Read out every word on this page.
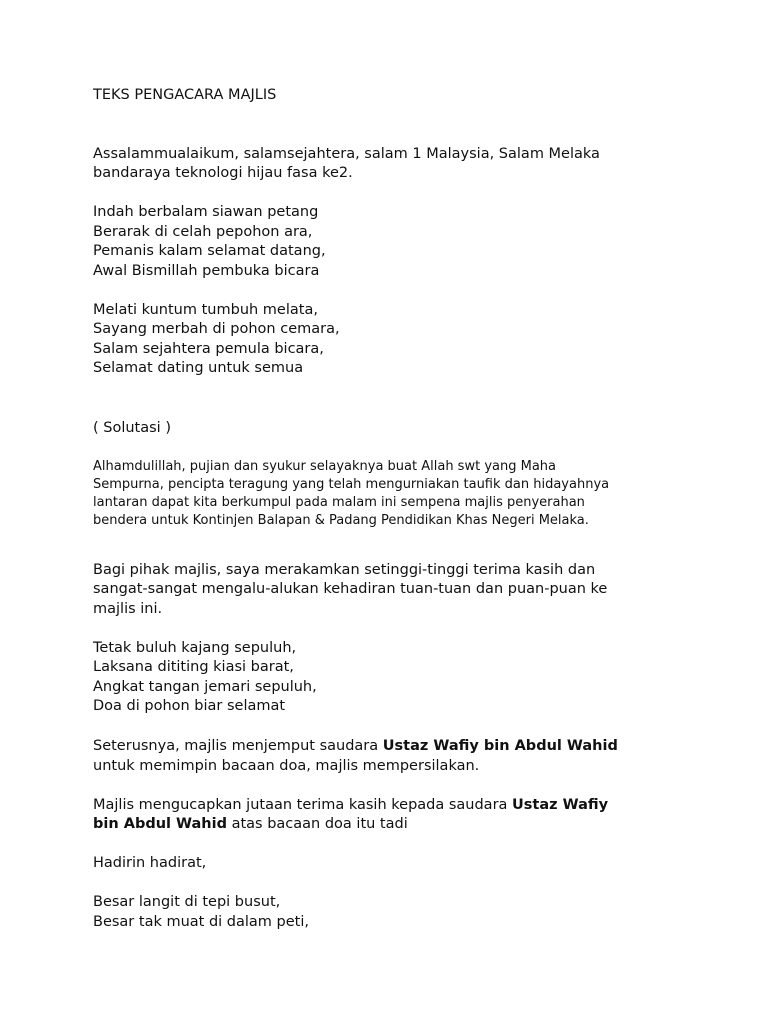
TEKS PENGACARA MAJLIS
Assalammualaikum, salamsejahtera, salam 1 Malaysia, Salam Melaka
bandaraya teknologi hijau fasa ke2.
Indah berbalam siawan petang
Berarak di celah pepohon ara,
Pemanis kalam selamat datang,
Awal Bismillah pembuka bicara
Melati kuntum tumbuh melata,
Sayang merbah di pohon cemara,
Salam sejahtera pemula bicara,
Selamat dating untuk semua
( Solutasi )
Alhamdulillah, pujian dan syukur selayaknya buat Allah swt yang Maha
Sempurna, pencipta teragung yang telah mengurniakan taufik dan hidayahnya
lantaran dapat kita berkumpul pada malam ini sempena majlis penyerahan
bendera untuk Kontinjen Balapan & Padang Pendidikan Khas Negeri Melaka.
Bagi pihak majlis, saya merakamkan setinggi-tinggi terima kasih dan
sangat-sangat mengalu-alukan kehadiran tuan-tuan dan puan-puan ke
majlis ini.
Tetak buluh kajang sepuluh,
Laksana dititing kiasi barat,
Angkat tangan jemari sepuluh,
Doa di pohon biar selamat
Seterusnya, majlis menjemput saudara Ustaz Wafiy bin Abdul Wahid
untuk memimpin bacaan doa, majlis mempersilakan.
Majlis mengucapkan jutaan terima kasih kepada saudara Ustaz Wafiy
bin Abdul Wahid atas bacaan doa itu tadi
Hadirin hadirat,
Besar langit di tepi busut,
Besar tak muat di dalam peti,
